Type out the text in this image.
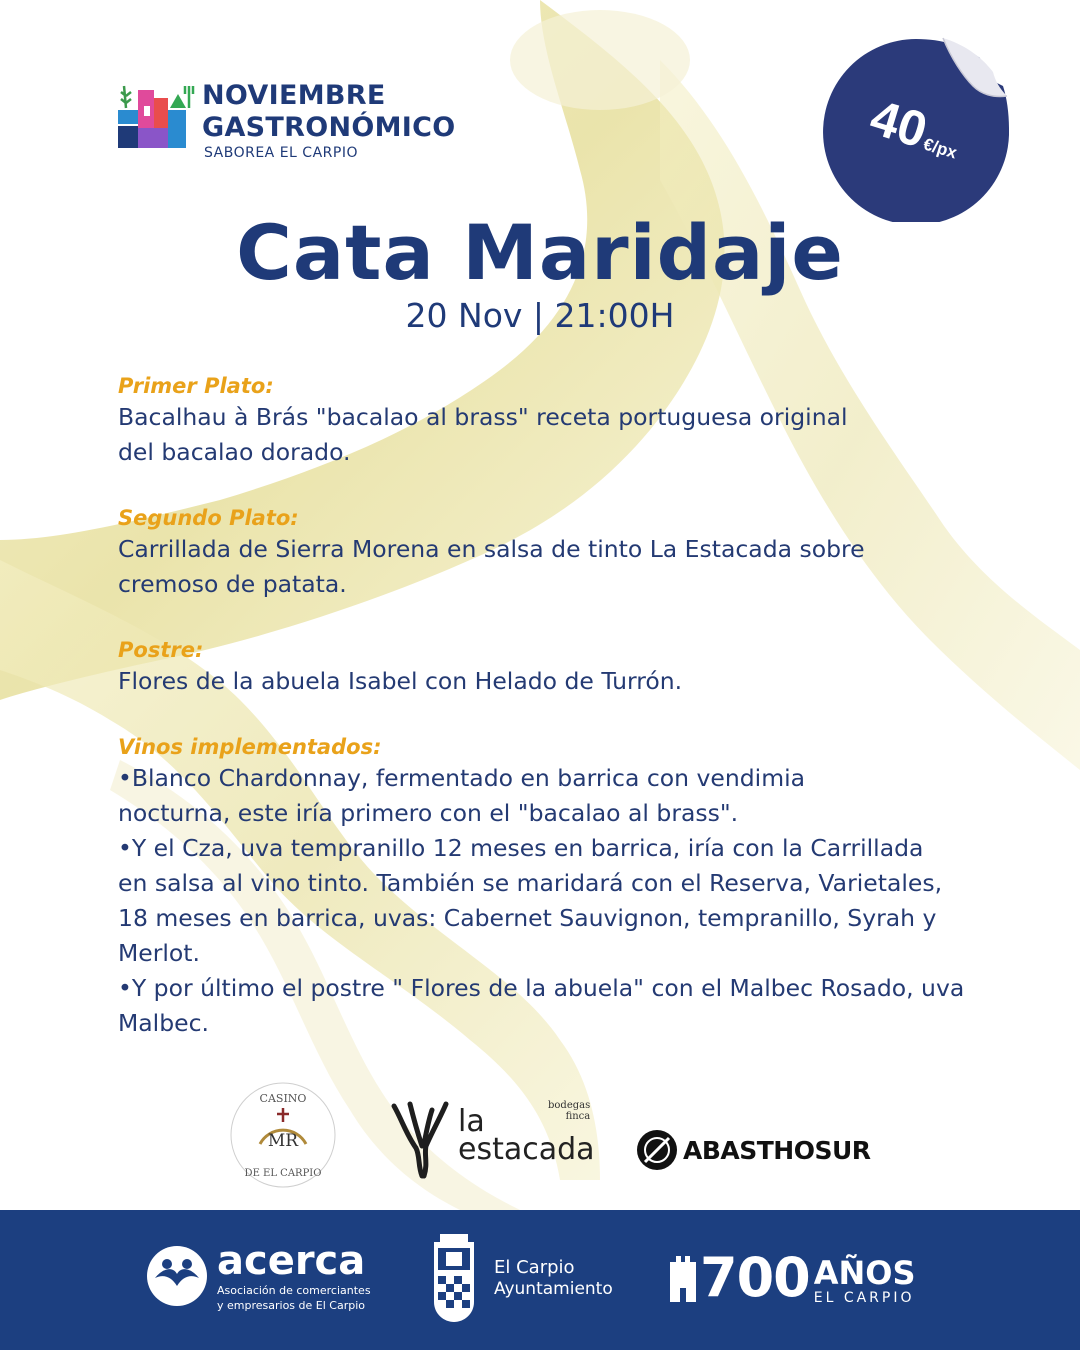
NOVIEMBRE
GASTRONÓMICO
SABOREA EL CARPIO	40
€/px
Cata Maridaje
20 Nov | 21:00H
Primer Plato:
Bacalhau à Brás "bacalao al brass" receta portuguesa original del bacalao dorado.
Segundo Plato:
Carrillada de Sierra Morena en salsa de tinto La Estacada sobre cremoso de patata.
Postre:
Flores de la abuela Isabel con Helado de Turrón.
Vinos implementados:
•Blanco Chardonnay, fermentado en barrica con vendimia nocturna, este iría primero con el "bacalao al brass".
•Y el Cza, uva tempranillo 12 meses en barrica, iría con la Carrillada en salsa al vino tinto. También se maridará con el Reserva, Varietales, 18 meses en barrica, uvas: Cabernet Sauvignon, tempranillo, Syrah y Merlot.
•Y por último el postre " Flores de la abuela" con el Malbec Rosado, uva Malbec.
CASINO
MR
DE EL CARPIO
la
estacada
bodegas
finca
ABASTHOSUR
acerca
Asociación de comerciantes
y empresarios de El Carpio
El Carpio
Ayuntamiento 700 AÑOS
EL CARPIO
